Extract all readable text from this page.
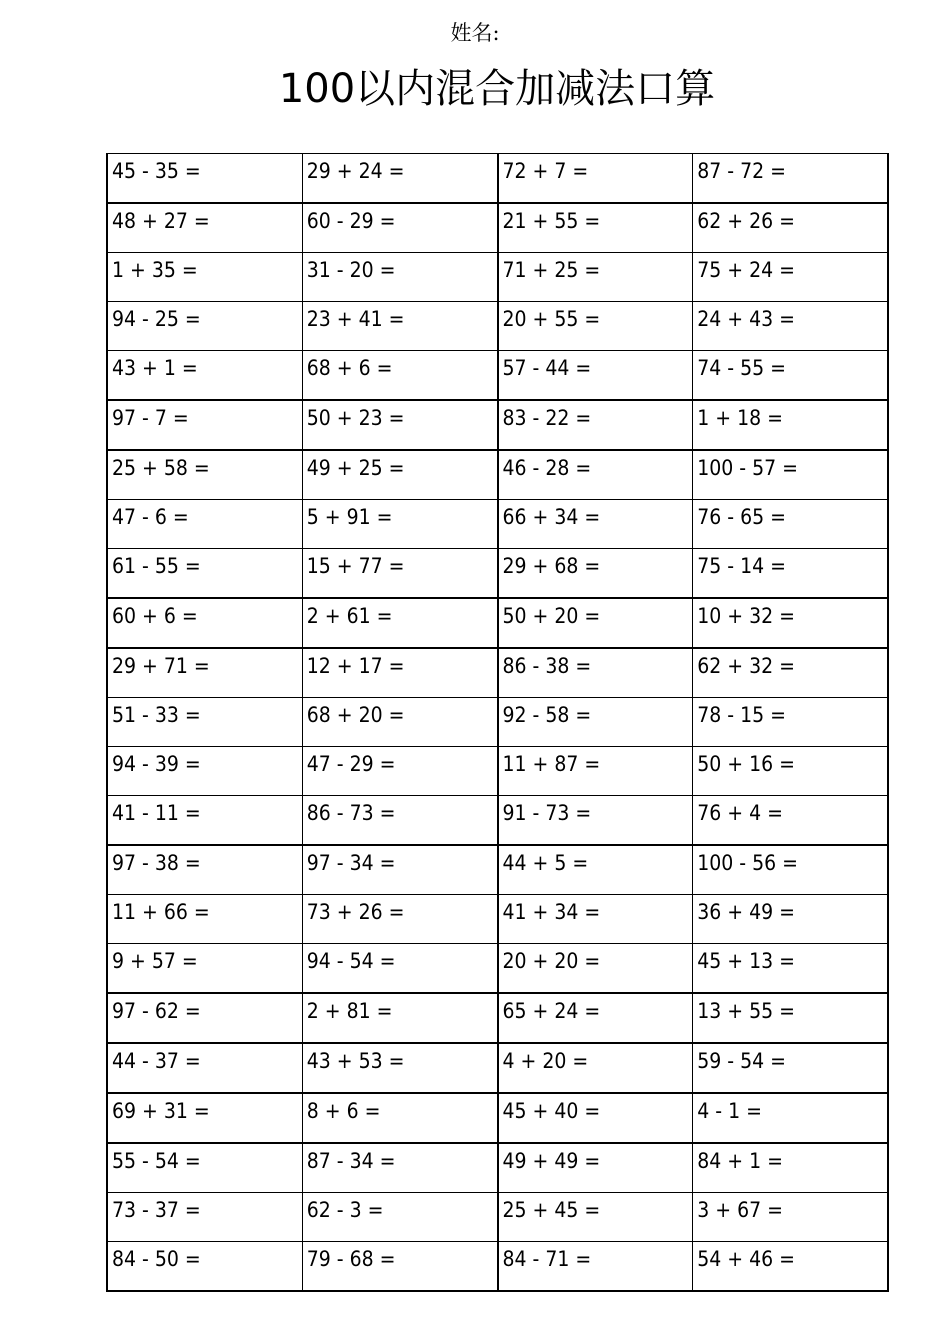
姓名:
100以内混合加减法口算
45 - 35 =	29 + 24 =	72 + 7 =	87 - 72 =
48 + 27 =	60 - 29 =	21 + 55 =	62 + 26 =
1 + 35 =	31 - 20 =	71 + 25 =	75 + 24 =
94 - 25 =	23 + 41 =	20 + 55 =	24 + 43 =
43 + 1 =	68 + 6 =	57 - 44 =	74 - 55 =
97 - 7 =	50 + 23 =	83 - 22 =	1 + 18 =
25 + 58 =	49 + 25 =	46 - 28 =	100 - 57 =
47 - 6 =	5 + 91 =	66 + 34 =	76 - 65 =
61 - 55 =	15 + 77 =	29 + 68 =	75 - 14 =
60 + 6 =	2 + 61 =	50 + 20 =	10 + 32 =
29 + 71 =	12 + 17 =	86 - 38 =	62 + 32 =
51 - 33 =	68 + 20 =	92 - 58 =	78 - 15 =
94 - 39 =	47 - 29 =	11 + 87 =	50 + 16 =
41 - 11 =	86 - 73 =	91 - 73 =	76 + 4 =
97 - 38 =	97 - 34 =	44 + 5 =	100 - 56 =
11 + 66 =	73 + 26 =	41 + 34 =	36 + 49 =
9 + 57 =	94 - 54 =	20 + 20 =	45 + 13 =
97 - 62 =	2 + 81 =	65 + 24 =	13 + 55 =
44 - 37 =	43 + 53 =	4 + 20 =	59 - 54 =
69 + 31 =	8 + 6 =	45 + 40 =	4 - 1 =
55 - 54 =	87 - 34 =	49 + 49 =	84 + 1 =
73 - 37 =	62 - 3 =	25 + 45 =	3 + 67 =
84 - 50 =	79 - 68 =	84 - 71 =	54 + 46 =
